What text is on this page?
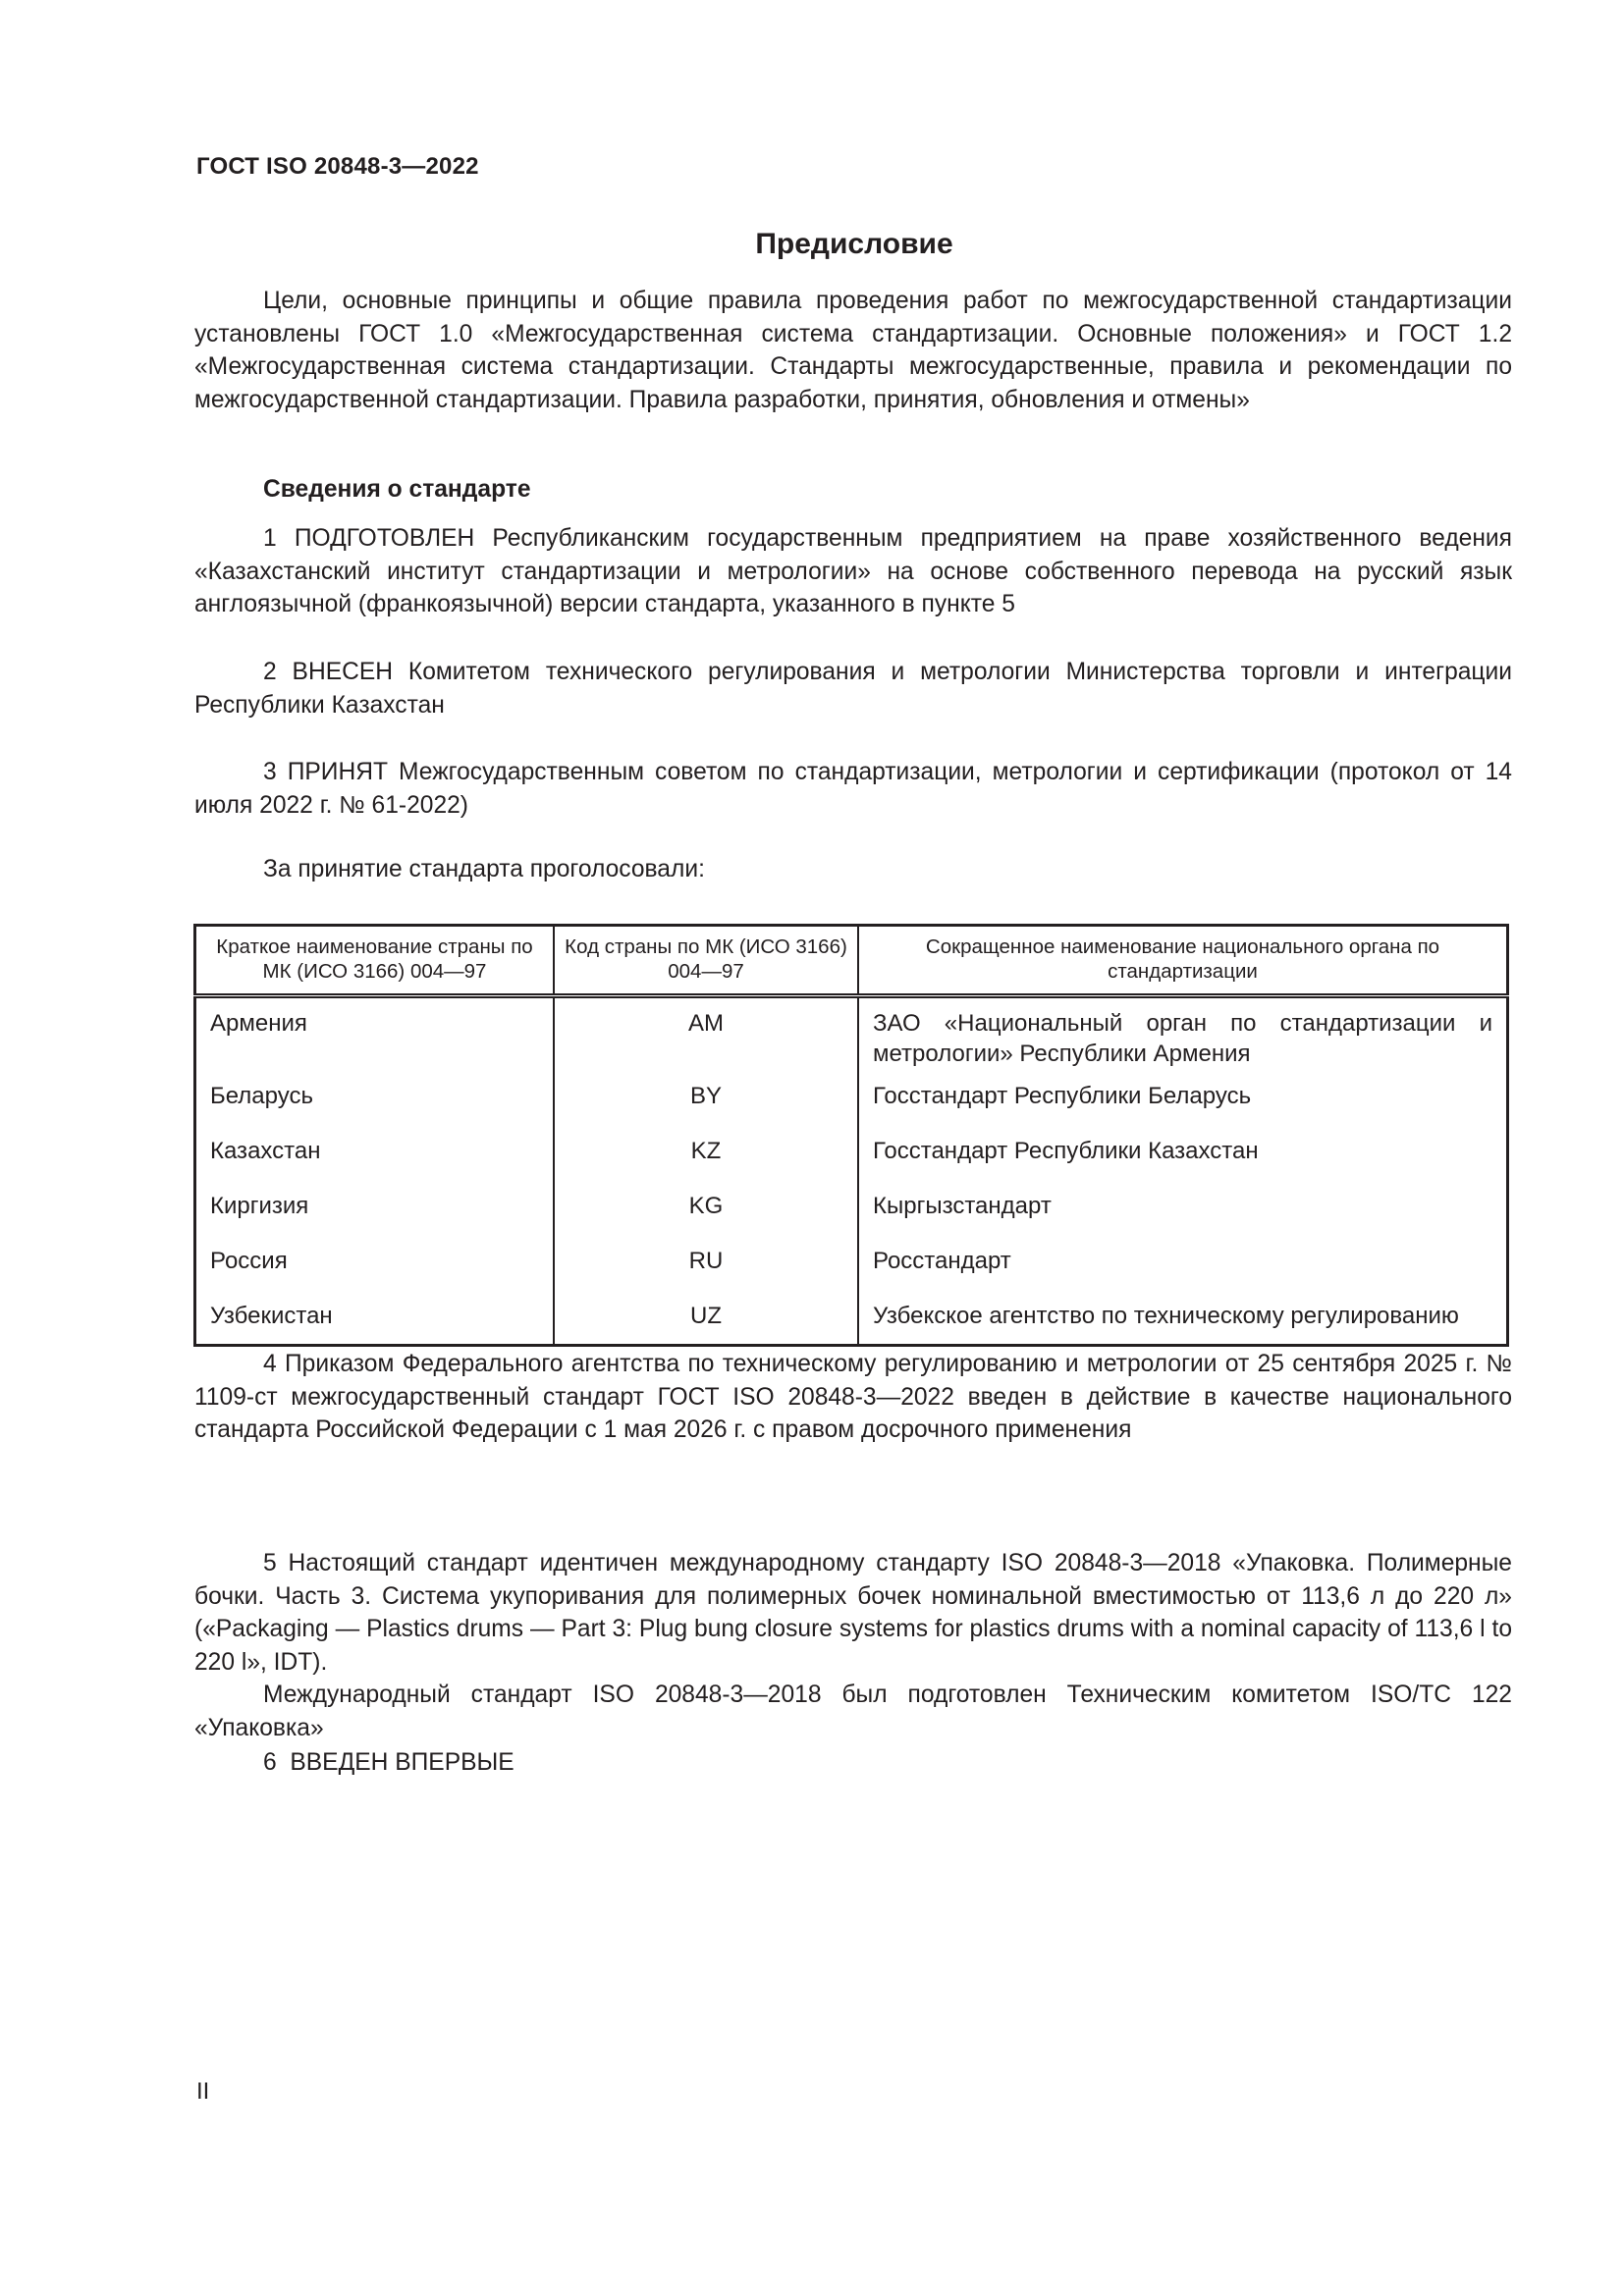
ГОСТ ISO 20848-3—2022
Предисловие
Цели, основные принципы и общие правила проведения работ по межгосударственной стандартизации установлены ГОСТ 1.0 «Межгосударственная система стандартизации. Основные положения» и ГОСТ 1.2 «Межгосударственная система стандартизации. Стандарты межгосударственные, правила и рекомендации по межгосударственной стандартизации. Правила разработки, принятия, обновления и отмены»
Сведения о стандарте
1 ПОДГОТОВЛЕН Республиканским государственным предприятием на праве хозяйственного ведения «Казахстанский институт стандартизации и метрологии» на основе собственного перевода на русский язык англоязычной (франкоязычной) версии стандарта, указанного в пункте 5
2 ВНЕСЕН Комитетом технического регулирования и метрологии Министерства торговли и интеграции Республики Казахстан
3 ПРИНЯТ Межгосударственным советом по стандартизации, метрологии и сертификации (протокол от 14 июля 2022 г. № 61-2022)
За принятие стандарта проголосовали:
Краткое наименование страны по МК (ИСО 3166) 004—97	Код страны по МК (ИСО 3166) 004—97	Сокращенное наименование национального органа по стандартизации
Армения	AM	ЗАО «Национальный орган по стандартизации и метрологии» Республики Армения
Беларусь	BY	Госстандарт Республики Беларусь
Казахстан	KZ	Госстандарт Республики Казахстан
Киргизия	KG	Кыргызстандарт
Россия	RU	Росстандарт
Узбекистан	UZ	Узбекское агентство по техническому регулированию
4 Приказом Федерального агентства по техническому регулированию и метрологии от 25 сентября 2025 г. № 1109-ст межгосударственный стандарт ГОСТ ISO 20848-3—2022 введен в действие в качестве национального стандарта Российской Федерации с 1 мая 2026 г. с правом досрочного применения
5 Настоящий стандарт идентичен международному стандарту ISO 20848-3—2018 «Упаковка. Полимерные бочки. Часть 3. Система укупоривания для полимерных бочек номинальной вместимостью от 113,6 л до 220 л» («Packaging — Plastics drums — Part 3: Plug bung closure systems for plastics drums with a nominal capacity of 113,6 l to 220 l», IDT).
Международный стандарт ISO 20848-3—2018 был подготовлен Техническим комитетом ISO/TC 122 «Упаковка»
6 ВВЕДЕН ВПЕРВЫЕ
II
